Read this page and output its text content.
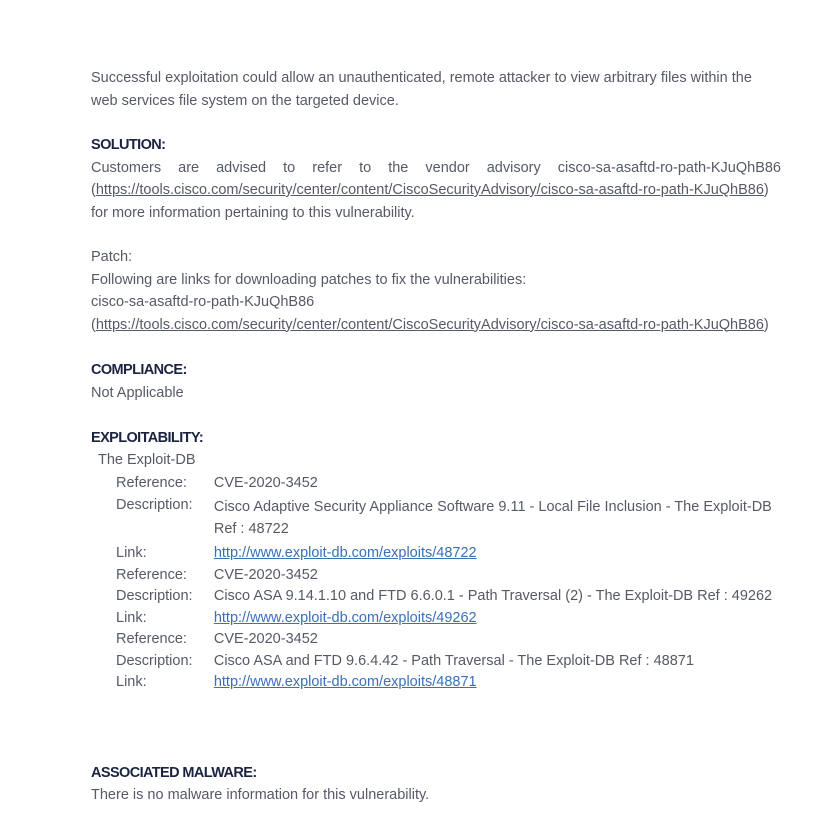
Successful exploitation could allow an unauthenticated, remote attacker to view arbitrary files within the web services file system on the targeted device.

SOLUTION:

Customers are advised to refer to the vendor advisory cisco-sa-asaftd-ro-path-KJuQhB86

(https://tools.cisco.com/security/center/content/CiscoSecurityAdvisory/cisco-sa-asaftd-ro-path-KJuQhB86) for more information pertaining to this vulnerability.

Patch:

Following are links for downloading patches to fix the vulnerabilities:

cisco-sa-asaftd-ro-path-KJuQhB86

(https://tools.cisco.com/security/center/content/CiscoSecurityAdvisory/cisco-sa-asaftd-ro-path-KJuQhB86)

COMPLIANCE:

Not Applicable

EXPLOITABILITY:

The Exploit-DB
Reference:	CVE-2020-3452
Description:	Cisco Adaptive Security Appliance Software 9.11 - Local File Inclusion - The Exploit-DB Ref : 48722
Link:	http://www.exploit-db.com/exploits/48722
Reference:	CVE-2020-3452
Description:	Cisco ASA 9.14.1.10 and FTD 6.6.0.1 - Path Traversal (2) - The Exploit-DB Ref : 49262
Link:	http://www.exploit-db.com/exploits/49262
Reference:	CVE-2020-3452
Description:	Cisco ASA and FTD 9.6.4.42 - Path Traversal - The Exploit-DB Ref : 48871
Link:	http://www.exploit-db.com/exploits/48871

ASSOCIATED MALWARE:

There is no malware information for this vulnerability.
